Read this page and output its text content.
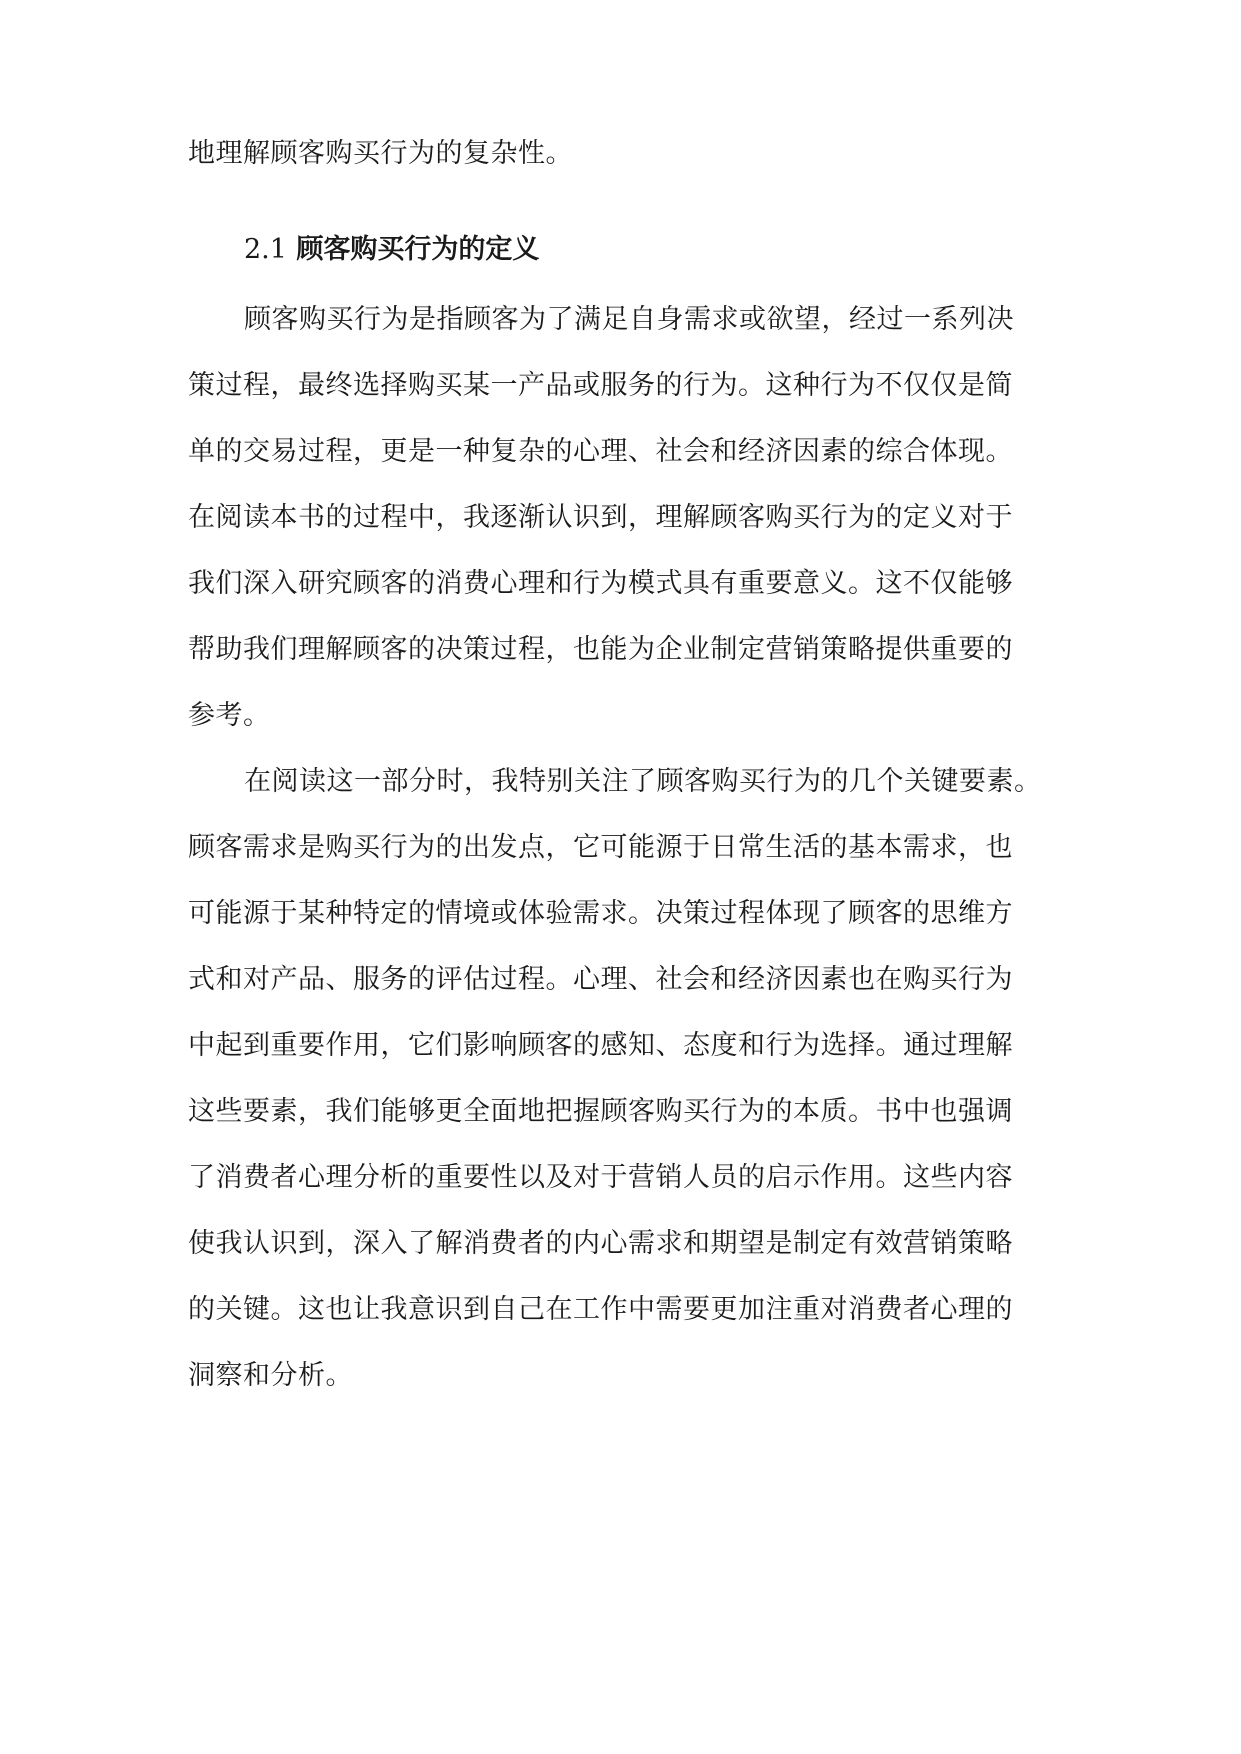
地理解顾客购买行为的复杂性。
2.1 顾客购买行为的定义
顾客购买行为是指顾客为了满足自身需求或欲望，经过一系列决
策过程，最终选择购买某一产品或服务的行为。这种行为不仅仅是简
单的交易过程，更是一种复杂的心理、社会和经济因素的综合体现。
在阅读本书的过程中，我逐渐认识到，理解顾客购买行为的定义对于
我们深入研究顾客的消费心理和行为模式具有重要意义。这不仅能够
帮助我们理解顾客的决策过程，也能为企业制定营销策略提供重要的
参考。
在阅读这一部分时，我特别关注了顾客购买行为的几个关键要素。
顾客需求是购买行为的出发点，它可能源于日常生活的基本需求，也
可能源于某种特定的情境或体验需求。决策过程体现了顾客的思维方
式和对产品、服务的评估过程。心理、社会和经济因素也在购买行为
中起到重要作用，它们影响顾客的感知、态度和行为选择。通过理解
这些要素，我们能够更全面地把握顾客购买行为的本质。书中也强调
了消费者心理分析的重要性以及对于营销人员的启示作用。这些内容
使我认识到，深入了解消费者的内心需求和期望是制定有效营销策略
的关键。这也让我意识到自己在工作中需要更加注重对消费者心理的
洞察和分析。
